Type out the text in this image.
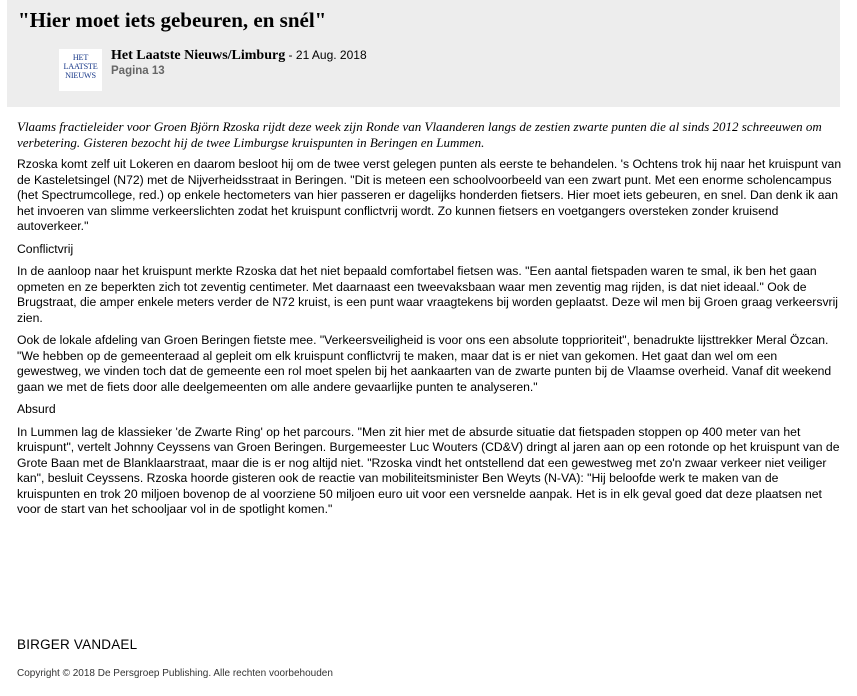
"Hier moet iets gebeuren, en snél"
HET
LAATSTE
NIEUWS
Het Laatste Nieuws/Limburg - 21 Aug. 2018
Pagina 13

Vlaams fractieleider voor Groen Björn Rzoska rijdt deze week zijn Ronde van Vlaanderen langs de zestien zwarte punten die al sinds 2012 schreeuwen om verbetering. Gisteren bezocht hij de twee Limburgse kruispunten in Beringen en Lummen.

Rzoska komt zelf uit Lokeren en daarom besloot hij om de twee verst gelegen punten als eerste te behandelen. 's Ochtens trok hij naar het kruispunt van de Kasteletsingel (N72) met de Nijverheidsstraat in Beringen. "Dit is meteen een schoolvoorbeeld van een zwart punt. Met een enorme scholencampus (het Spectrumcollege, red.) op enkele hectometers van hier passeren er dagelijks honderden fietsers. Hier moet iets gebeuren, en snel. Dan denk ik aan het invoeren van slimme verkeerslichten zodat het kruispunt conflictvrij wordt. Zo kunnen fietsers en voetgangers oversteken zonder kruisend autoverkeer."

Conflictvrij

In de aanloop naar het kruispunt merkte Rzoska dat het niet bepaald comfortabel fietsen was. "Een aantal fietspaden waren te smal, ik ben het gaan opmeten en ze beperkten zich tot zeventig centimeter. Met daarnaast een tweevaksbaan waar men zeventig mag rijden, is dat niet ideaal." Ook de Brugstraat, die amper enkele meters verder de N72 kruist, is een punt waar vraagtekens bij worden geplaatst. Deze wil men bij Groen graag verkeersvrij zien.

Ook de lokale afdeling van Groen Beringen fietste mee. "Verkeersveiligheid is voor ons een absolute topprioriteit", benadrukte lijsttrekker Meral Özcan. "We hebben op de gemeenteraad al gepleit om elk kruispunt conflictvrij te maken, maar dat is er niet van gekomen. Het gaat dan wel om een gewestweg, we vinden toch dat de gemeente een rol moet spelen bij het aankaarten van de zwarte punten bij de Vlaamse overheid. Vanaf dit weekend gaan we met de fiets door alle deelgemeenten om alle andere gevaarlijke punten te analyseren."

Absurd

In Lummen lag de klassieker 'de Zwarte Ring' op het parcours. "Men zit hier met de absurde situatie dat fietspaden stoppen op 400 meter van het kruispunt", vertelt Johnny Ceyssens van Groen Beringen. Burgemeester Luc Wouters (CD&V) dringt al jaren aan op een rotonde op het kruispunt van de Grote Baan met de Blanklaarstraat, maar die is er nog altijd niet. "Rzoska vindt het ontstellend dat een gewestweg met zo'n zwaar verkeer niet veiliger kan", besluit Ceyssens. Rzoska hoorde gisteren ook de reactie van mobiliteitsminister Ben Weyts (N-VA): "Hij beloofde werk te maken van de kruispunten en trok 20 miljoen bovenop de al voorziene 50 miljoen euro uit voor een versnelde aanpak. Het is in elk geval goed dat deze plaatsen net voor de start van het schooljaar vol in de spotlight komen."

BIRGER VANDAEL
Copyright © 2018 De Persgroep Publishing. Alle rechten voorbehouden
